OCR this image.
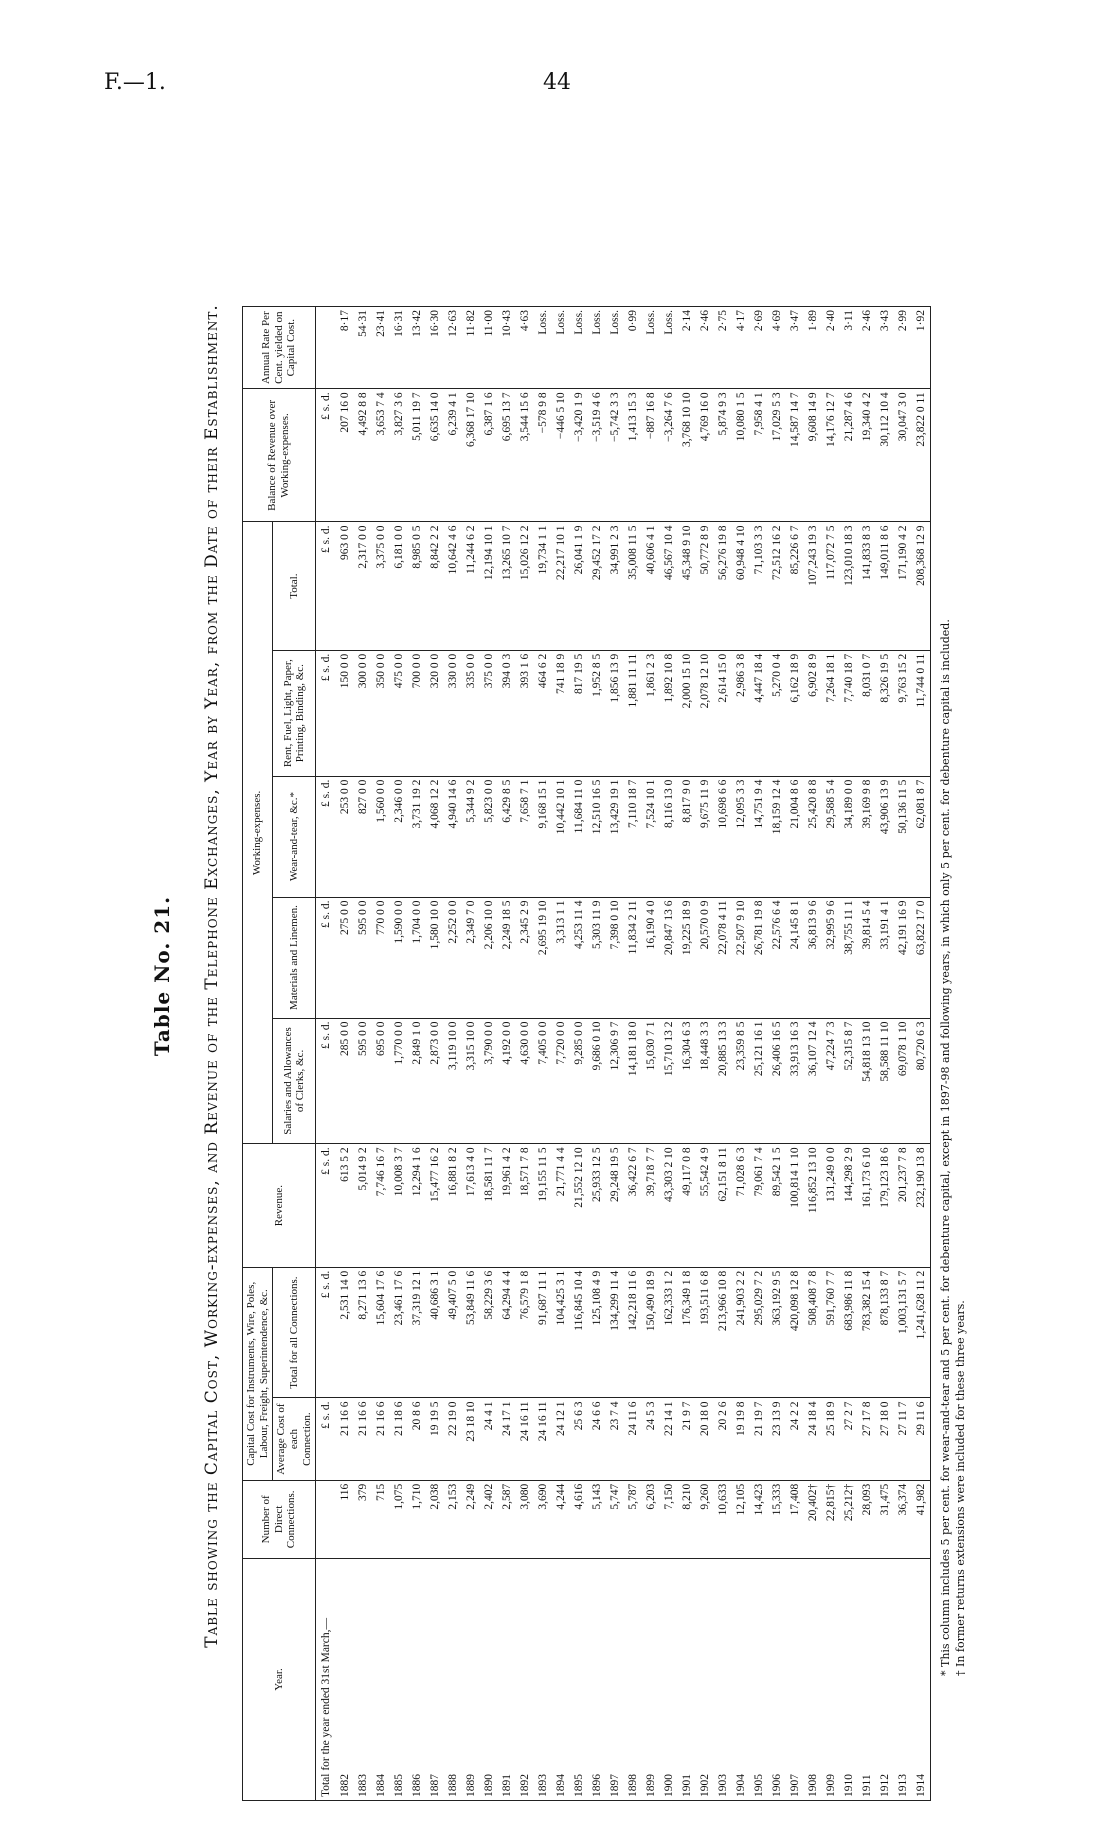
F.—1.	44
Table No. 21. Table showing the Capital Cost, Working-expenses, and Revenue of the Telephone Exchanges, Year by Year, from the Date of their Establishment.
Year.	Number of Direct Connections.	Capital Cost for Instruments, Wire, Poles, Labour, Freight, Superintendence, &c.		Revenue.	Working-expenses.					Balance of Revenue over Working-expenses.	Annual Rate Per Cent. yielded on Capital Cost.
		Average Cost of each Connection.	Total for all Connections.		Salaries and Allowances of Clerks, &c.	Materials and Linemen.	Wear-and-tear, &c.*	Rent, Fuel, Light, Paper, Printing, Binding, &c.	Total.		
Total for the year ended 31st March,—		£ s. d.	£ s. d.	£ s. d.	£ s. d.	£ s. d.	£ s. d.	£ s. d.	£ s. d.	£ s. d.	
1882	116	21 16 6	2,531 14 0	613 5 2	285 0 0	275 0 0	253 0 0	150 0 0	963 0 0	207 16 0	8·17
1883	379	21 16 6	8,271 13 6	5,014 9 2	595 0 0	595 0 0	827 0 0	300 0 0	2,317 0 0	4,492 8 8	54·31
1884	715	21 16 6	15,604 17 6	7,746 16 7	695 0 0	770 0 0	1,560 0 0	350 0 0	3,375 0 0	3,653 7 4	23·41
1885	1,075	21 18 6	23,461 17 6	10,008 3 7	1,770 0 0	1,590 0 0	2,346 0 0	475 0 0	6,181 0 0	3,827 3 6	16·31
1886	1,710	20 8 6	37,319 12 1	12,294 1 6	2,849 1 0	1,704 0 0	3,731 19 2	700 0 0	8,985 0 5	5,011 19 7	13·42
1887	2,038	19 19 5	40,686 3 1	15,477 16 2	2,873 0 0	1,580 10 0	4,068 12 2	320 0 0	8,842 2 2	6,635 14 0	16·30
1888	2,153	22 19 0	49,407 5 0	16,881 8 2	3,119 10 0	2,252 0 0	4,940 14 6	330 0 0	10,642 4 6	6,239 4 1	12·63
1889	2,249	23 18 10	53,849 11 6	17,613 4 0	3,315 10 0	2,349 7 0	5,344 9 2	335 0 0	11,244 6 2	6,368 17 10	11·82
1890	2,402	24 4 1	58,229 3 6	18,581 11 7	3,790 0 0	2,206 10 0	5,823 0 0	375 0 0	12,194 10 1	6,387 1 6	11·00
1891	2,587	24 17 1	64,294 4 4	19,961 4 2	4,192 0 0	2,249 18 5	6,429 8 5	394 0 3	13,265 10 7	6,695 13 7	10·43
1892	3,080	24 16 11	76,579 1 8	18,571 7 8	4,630 0 0	2,345 2 9	7,658 7 1	393 1 6	15,026 12 2	3,544 15 6	4·63
1893	3,690	24 16 11	91,687 11 1	19,155 11 5	7,405 0 0	2,695 19 10	9,168 15 1	464 6 2	19,734 1 1	−578 9 8	Loss.
1894	4,244	24 12 1	104,425 3 1	21,771 4 4	7,720 0 0	3,313 1 1	10,442 10 1	741 18 9	22,217 10 1	−446 5 10	Loss.
1895	4,616	25 6 3	116,845 10 4	21,552 12 10	9,285 0 0	4,253 11 4	11,684 11 0	817 19 5	26,041 1 9	−3,420 1 9	Loss.
1896	5,143	24 6 6	125,108 4 9	25,933 12 5	9,686 0 10	5,303 11 9	12,510 16 5	1,952 8 5	29,452 17 2	−3,519 4 6	Loss.
1897	5,747	23 7 4	134,299 11 4	29,248 19 5	12,306 9 7	7,398 0 10	13,429 19 1	1,856 13 9	34,991 2 3	−5,742 3 3	Loss.
1898	5,787	24 11 6	142,218 11 6	36,422 6 7	14,181 18 0	11,834 2 11	7,110 18 7	1,881 11 11	35,008 11 5	1,413 15 3	0·99
1899	6,203	24 5 3	150,490 18 9	39,718 7 7	15,030 7 1	16,190 4 0	7,524 10 1	1,861 2 3	40,606 4 1	−887 16 8	Loss.
1900	7,150	22 14 1	162,333 1 2	43,303 2 10	15,710 13 2	20,847 13 6	8,116 13 0	1,892 10 8	46,567 10 4	−3,264 7 6	Loss.
1901	8,210	21 9 7	176,349 1 8	49,117 0 8	16,304 6 3	19,225 18 9	8,817 9 0	2,000 15 10	45,348 9 10	3,768 10 10	2·14
1902	9,260	20 18 0	193,511 6 8	55,542 4 9	18,448 3 3	20,570 0 9	9,675 11 9	2,078 12 10	50,772 8 9	4,769 16 0	2·46
1903	10,633	20 2 6	213,966 10 8	62,151 8 11	20,885 13 3	22,078 4 11	10,698 6 6	2,614 15 0	56,276 19 8	5,874 9 3	2·75
1904	12,105	19 19 8	241,903 2 2	71,028 6 3	23,359 8 5	22,507 9 10	12,095 3 3	2,986 3 8	60,948 4 10	10,080 1 5	4·17
1905	14,423	21 19 7	295,029 7 2	79,061 7 4	25,121 16 1	26,781 19 8	14,751 9 4	4,447 18 4	71,103 3 3	7,958 4 1	2·69
1906	15,333	23 13 9	363,192 9 5	89,542 1 5	26,406 16 5	22,576 6 4	18,159 12 4	5,270 0 4	72,512 16 2	17,029 5 3	4·69
1907	17,408	24 2 2	420,098 12 8	100,814 1 10	33,913 16 3	24,145 8 1	21,004 8 6	6,162 18 9	85,226 6 7	14,587 14 7	3·47
1908	20,402†	24 18 4	508,408 7 8	116,852 13 10	36,107 12 4	36,813 9 6	25,420 8 8	6,902 8 9	107,243 19 3	9,608 14 9	1·89
1909	22,815†	25 18 9	591,760 7 7	131,249 0 0	47,224 7 3	32,995 9 6	29,588 5 4	7,264 18 1	117,072 7 5	14,176 12 7	2·40
1910	25,212†	27 2 7	683,986 11 8	144,298 2 9	52,315 8 7	38,755 11 1	34,189 0 0	7,740 18 7	123,010 18 3	21,287 4 6	3·11
1911	28,093	27 17 8	783,382 15 4	161,173 6 10	54,818 13 10	39,814 5 4	39,169 9 8	8,031 0 7	141,833 8 3	19,340 4 2	2·46
1912	31,475	27 18 0	878,133 8 7	179,123 18 6	58,588 11 10	33,191 4 1	43,906 13 9	8,326 19 5	149,011 8 6	30,112 10 4	3·43
1913	36,374	27 11 7	1,003,131 5 7	201,237 7 8	69,078 1 10	42,191 16 9	50,136 11 5	9,763 15 2	171,190 4 2	30,047 3 0	2·99
1914	41,982	29 11 6	1,241,628 11 2	232,190 13 8	80,720 6 3	63,822 17 0	62,081 8 7	11,744 0 11	208,368 12 9	23,822 0 11	1·92
* This column includes 5 per cent. for wear-and-tear and 5 per cent. for debenture capital, except in 1897-98 and following years, in which only 5 per cent. for debenture capital is included. † In former returns extensions were included for these three years.
